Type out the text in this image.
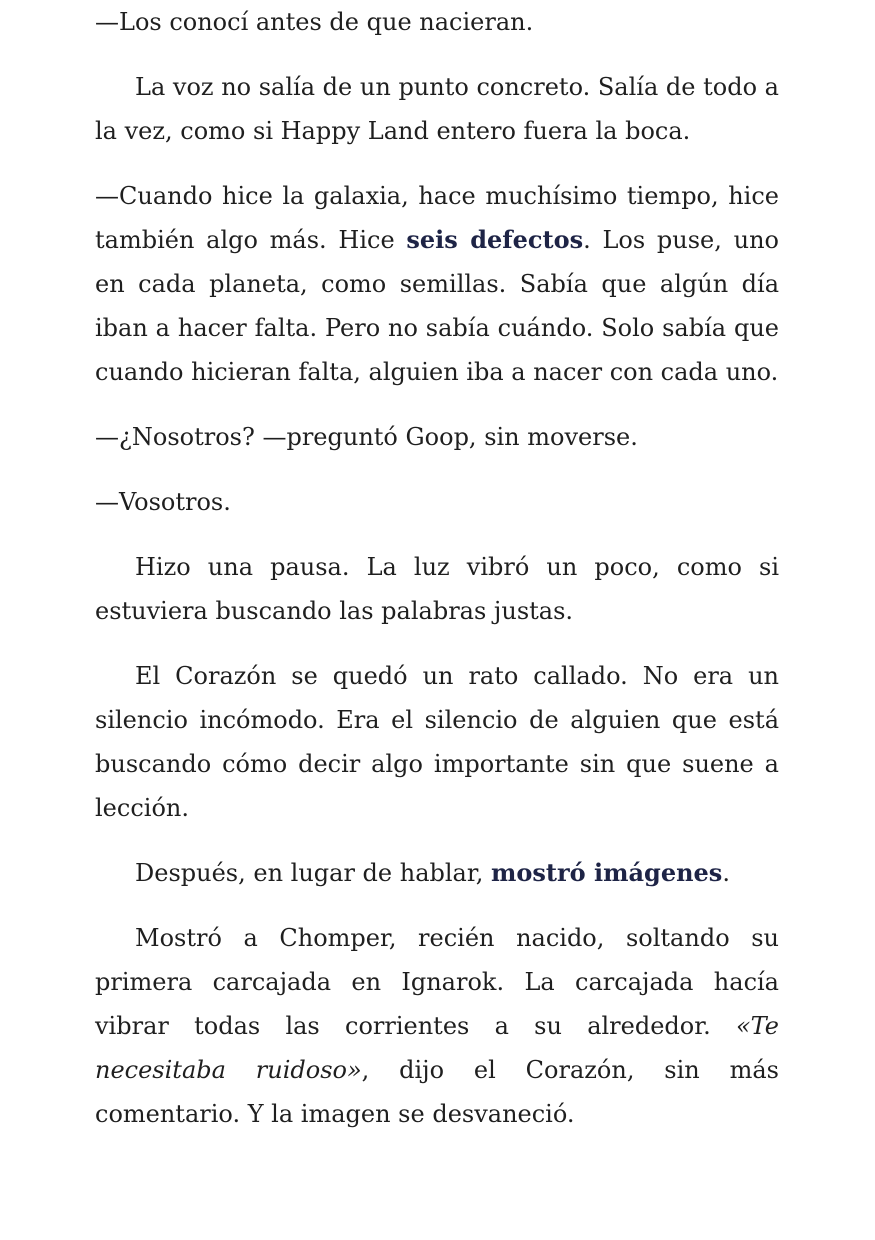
—Los conocí antes de que nacieran.

La voz no salía de un punto concreto. Salía de todo a la vez, como si Happy Land entero fuera la boca.

—Cuando hice la galaxia, hace muchísimo tiempo, hice también algo más. Hice seis defectos. Los puse, uno en cada planeta, como semillas. Sabía que algún día iban a hacer falta. Pero no sabía cuándo. Solo sabía que cuando hicieran falta, alguien iba a nacer con cada uno.

—¿Nosotros? —preguntó Goop, sin moverse.

—Vosotros.

Hizo una pausa. La luz vibró un poco, como si estuviera buscando las palabras justas.

El Corazón se quedó un rato callado. No era un silencio incómodo. Era el silencio de alguien que está buscando cómo decir algo importante sin que suene a lección.

Después, en lugar de hablar, mostró imágenes.

Mostró a Chomper, recién nacido, soltando su primera carcajada en Ignarok. La carcajada hacía vibrar todas las corrientes a su alrededor. «Te necesitaba ruidoso», dijo el Corazón, sin más comentario. Y la imagen se desvaneció.
